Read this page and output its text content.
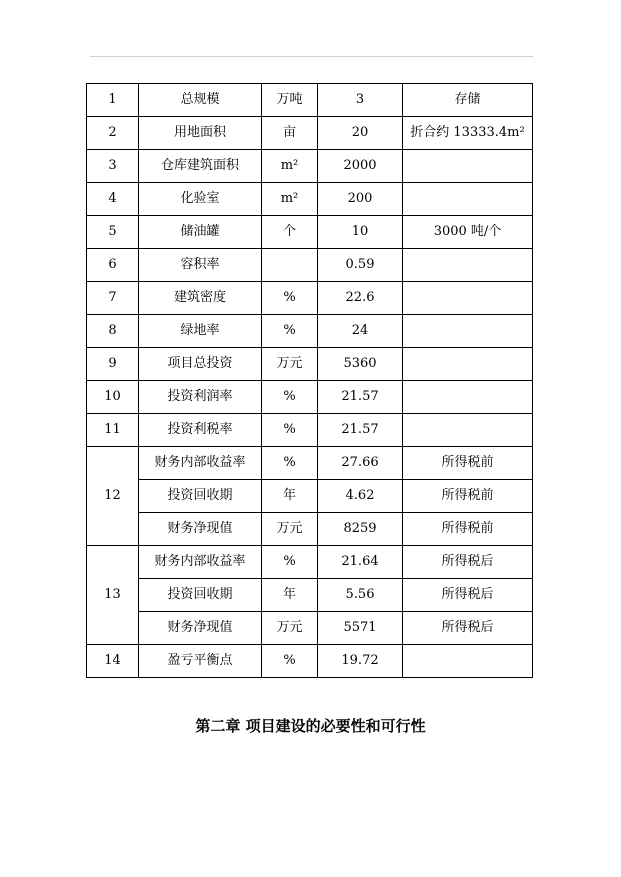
1	总规模	万吨	3	存储
2	用地面积	亩	20	折合约 13333.4m²
3	仓库建筑面积	m²	2000	
4	化验室	m²	200	
5	储油罐	个	10	3000 吨/个
6	容积率		0.59	
7	建筑密度	%	22.6	
8	绿地率	%	24	
9	项目总投资	万元	5360	
10	投资利润率	%	21.57	
11	投资利税率	%	21.57	
12	财务内部收益率	%	27.66	所得税前
	投资回收期	年	4.62	所得税前
	财务净现值	万元	8259	所得税前
13	财务内部收益率	%	21.64	所得税后
	投资回收期	年	5.56	所得税后
	财务净现值	万元	5571	所得税后
14	盈亏平衡点	%	19.72	
第二章 项目建设的必要性和可行性
